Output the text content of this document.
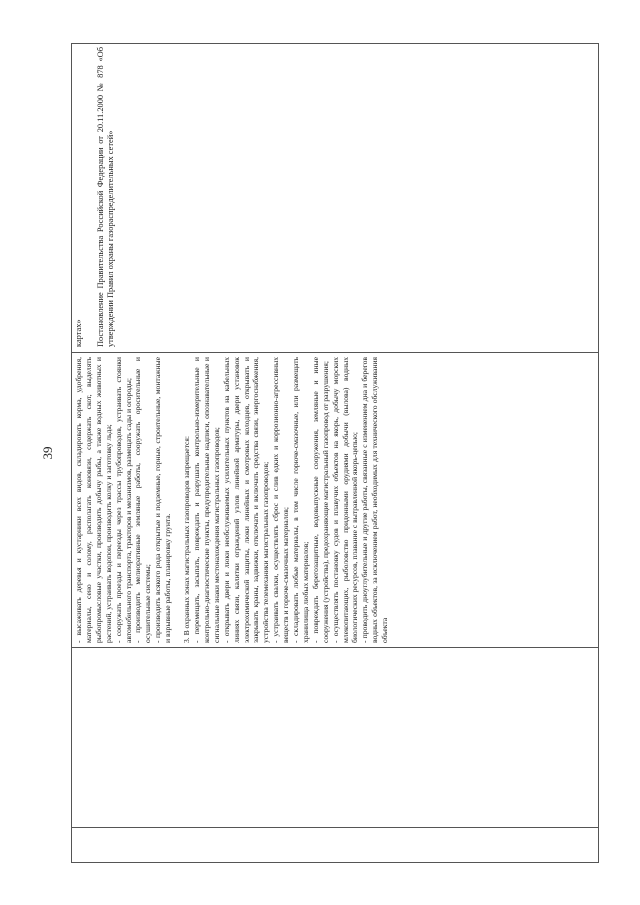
39	- высаживать деревья и кустарники всех видов, складировать корма, удобрения, материалы, сено и солому, располагать коновязи, содержать скот, выделять рыбопромысловые участки, производить добычу рыбы, а также водных животных и растений, устраивать водопои, производить колку и заготовку льда; - сооружать проезды и переезды через трассы трубопроводов, устраивать стоянки автомобильного транспорта, тракторов и механизмов, размещать сады и огороды; - производить мелиоративные земляные работы, сооружать оросительные и осушительные системы; - производить всякого рода открытые и подземные, горные, строительные, монтажные и взрывные работы, планировку грунта. 3. В охранных зонах магистральных газопроводов запрещается: - перемещать, засыпать, повреждать и разрушать контрольно-измерительные и контрольно-диагностические пункты, предупредительные надписи, опознавательные и сигнальные знаки местонахождения магистральных газопроводов; - открывать двери и люки необслуживаемых усилительных пунктов на кабельных линиях связи, калитки ограждений узлов линейной арматуры, двери установок электрохимической защиты, люки линейных и смотровых колодцев, открывать и закрывать краны, задвижки, отключать и включать средства связи, энергоснабжения, устройства телемеханики магистральных газопроводов; - устраивать свалки, осуществлять сброс и слив едких и коррозионно-агрессивных веществ и горюче-смазочных материалов; - складировать любые материалы, в том числе горюче-смазочные, или размещать хранилища любых материалов; - повреждать берегозащитные, водовыпускные сооружения, земляные и иные сооружения (устройства), предохраняющие магистральный газопровод от разрушения; - осуществлять постановку судов и плавучих объектов на якорь, добычу морских млекопитающих, рыболовство придонными орудиями добычи (вылова) водных биологических ресурсов, плавание с вытравленной якорь-цепью; - проводить дноуглубительные и другие работы, связанные с изменением дна и берегов водных объектов, за исключением работ, необходимых для технического обслуживания объекта

картах» Постановление Правительства Российской Федерации от 20.11.2000 № 878 «Об утверждении Правил охраны газораспределительных сетей»
